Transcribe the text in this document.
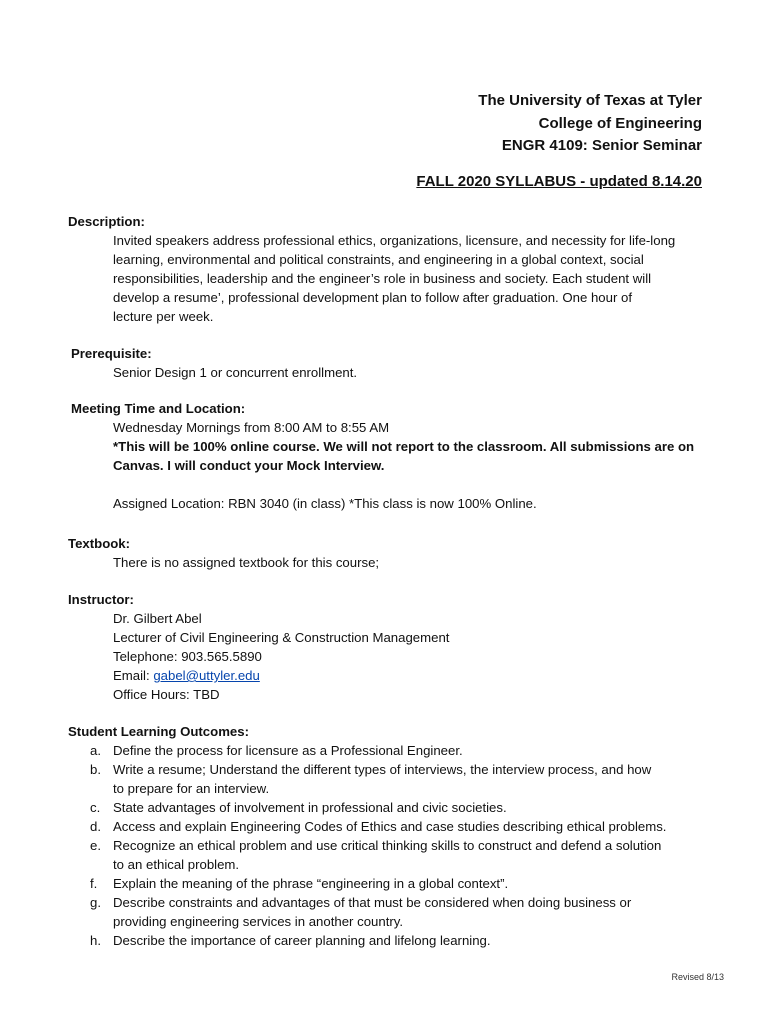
The University of Texas at Tyler
College of Engineering
ENGR 4109: Senior Seminar
FALL 2020 SYLLABUS - updated 8.14.20
Description:

Invited speakers address professional ethics, organizations, licensure, and necessity for life-long

learning, environmental and political constraints, and engineering in a global context, social

responsibilities, leadership and the engineer’s role in business and society. Each student will

develop a resume’, professional development plan to follow after graduation. One hour of

lecture per week.

Prerequisite:

Senior Design 1 or concurrent enrollment.

Meeting Time and Location:

Wednesday Mornings from 8:00 AM to 8:55 AM

*This will be 100% online course. We will not report to the classroom. All submissions are on

Canvas. I will conduct your Mock Interview.

Assigned Location: RBN 3040 (in class) *This class is now 100% Online.

Textbook:

There is no assigned textbook for this course;

Instructor:

Dr. Gilbert Abel

Lecturer of Civil Engineering & Construction Management

Telephone: 903.565.5890

Email: gabel@uttyler.edu

Office Hours: TBD

Student Learning Outcomes:
a. Define the process for licensure as a Professional Engineer.
b. Write a resume; Understand the different types of interviews, the interview process, and how
to prepare for an interview.
c. State advantages of involvement in professional and civic societies.
d. Access and explain Engineering Codes of Ethics and case studies describing ethical problems.
e. Recognize an ethical problem and use critical thinking skills to construct and defend a solution
to an ethical problem.
f.	Explain the meaning of the phrase “engineering in a global context”.
g. Describe constraints and advantages of that must be considered when doing business or
providing engineering services in another country.
h. Describe the importance of career planning and lifelong learning.
Revised 8/13
